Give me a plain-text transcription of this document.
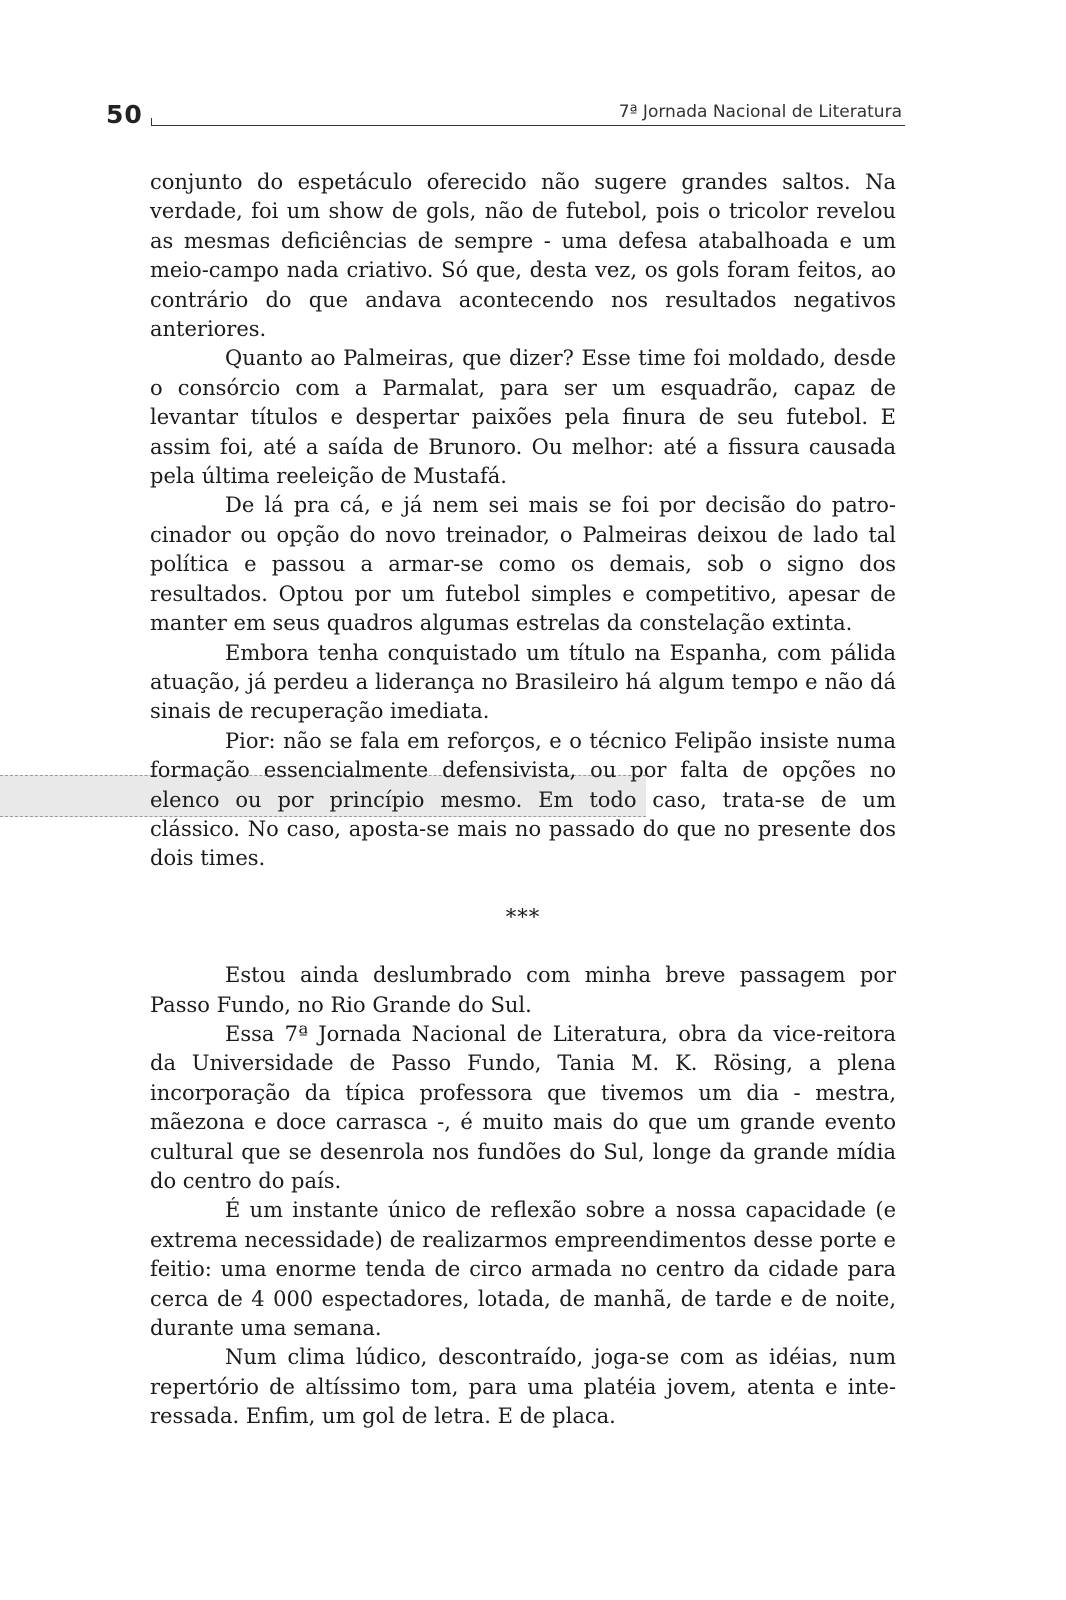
50	7ª Jornada Nacional de Literatura

conjunto do espetáculo oferecido não sugere grandes saltos. Na verdade, foi um show de gols, não de futebol, pois o tricolor revelou as mesmas deficiências de sempre - uma defesa atabalhoada e um meio-campo nada criativo. Só que, desta vez, os gols foram feitos, ao contrário do que andava acontecendo nos resultados negativos anteriores.

Quanto ao Palmeiras, que dizer? Esse time foi moldado, desde o consórcio com a Parmalat, para ser um esquadrão, capaz de levantar títulos e despertar paixões pela finura de seu futebol. E assim foi, até a saída de Brunoro. Ou melhor: até a fissura causada pela última reeleição de Mustafá.

De lá pra cá, e já nem sei mais se foi por decisão do patrocinador ou opção do novo treinador, o Palmeiras deixou de lado tal política e passou a armar-se como os demais, sob o signo dos resultados. Optou por um futebol simples e competitivo, apesar de manter em seus quadros algumas estrelas da constelação extinta.

Embora tenha conquistado um título na Espanha, com pálida atuação, já perdeu a liderança no Brasileiro há algum tempo e não dá sinais de recuperação imediata.

Pior: não se fala em reforços, e o técnico Felipão insiste numa formação essencialmente defensivista, ou por falta de opções no elenco ou por princípio mesmo. Em todo caso, trata-se de um clássico. No caso, aposta-se mais no passado do que no presente dos dois times.

***

Estou ainda deslumbrado com minha breve passagem por Passo Fundo, no Rio Grande do Sul.

Essa 7ª Jornada Nacional de Literatura, obra da vice-reitora da Universidade de Passo Fundo, Tania M. K. Rösing, a plena incorporação da típica professora que tivemos um dia - mestra, mãezona e doce carrasca -, é muito mais do que um grande evento cultural que se desenrola nos fundões do Sul, longe da grande mídia do centro do país.

É um instante único de reflexão sobre a nossa capacidade (e extrema necessidade) de realizarmos empreendimentos desse porte e feitio: uma enorme tenda de circo armada no centro da cidade para cerca de 4 000 espectadores, lotada, de manhã, de tarde e de noite, durante uma semana.

Num clima lúdico, descontraído, joga-se com as idéias, num repertório de altíssimo tom, para uma platéia jovem, atenta e interessada. Enfim, um gol de letra. E de placa.
